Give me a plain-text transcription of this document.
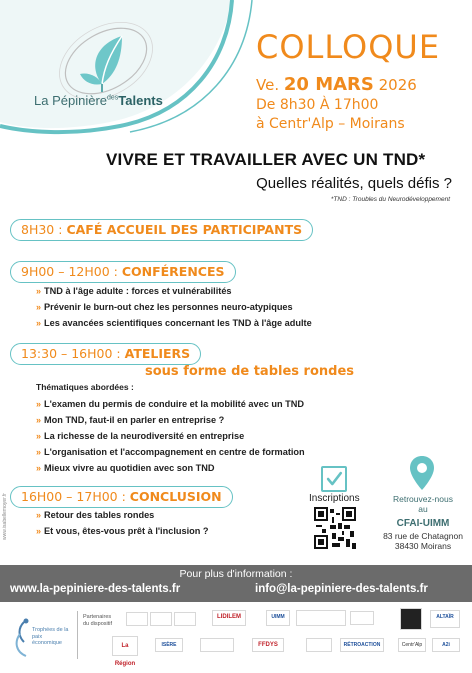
La Pépinière$^{des}$Talents
COLLOQUE
Ve. 20 MARS 2026
De 8h30 À 17h00
à Centr'Alp – Moirans
VIVRE ET TRAVAILLER AVEC UN TND*
Quelles réalités, quels défis ?
*TND : Troubles du Neurodéveloppement
8H30 : CAFÉ ACCUEIL DES PARTICIPANTS
9H00 – 12H00 : CONFÉRENCES
» TND à l'âge adulte : forces et vulnérabilités
» Prévenir le burn-out chez les personnes neuro-atypiques
» Les avancées scientifiques concernant les TND à l'âge adulte
13:30 – 16H00 : ATELIERS
sous forme de tables rondes
Thématiques abordées :
» L'examen du permis de conduire et la mobilité avec un TND
» Mon TND, faut-il en parler en entreprise ?
» La richesse de la neurodiversité en entreprise
» L'organisation et l'accompagnement en centre de formation
» Mieux vivre au quotidien avec son TND
16H00 – 17H00 : CONCLUSION
» Retour des tables rondes
» Et vous, êtes-vous prêt à l'inclusion ?
www.isabellemoyer.fr	Inscriptions	Retrouvez-nous
au
CFAI-UIMM
83 rue de Chatagnon
38430 Moirans
Pour plus d'information :
www.la-pepiniere-des-talents.fr	info@la-pepiniere-des-talents.fr
Trophées de la paix économique
Partenaires
du dispositif
LIDILEM	UIMM	ALTAÏR
La Région
ISÈRE	FFDYS	RÉTROACTION	Centr'Alp	A2i
